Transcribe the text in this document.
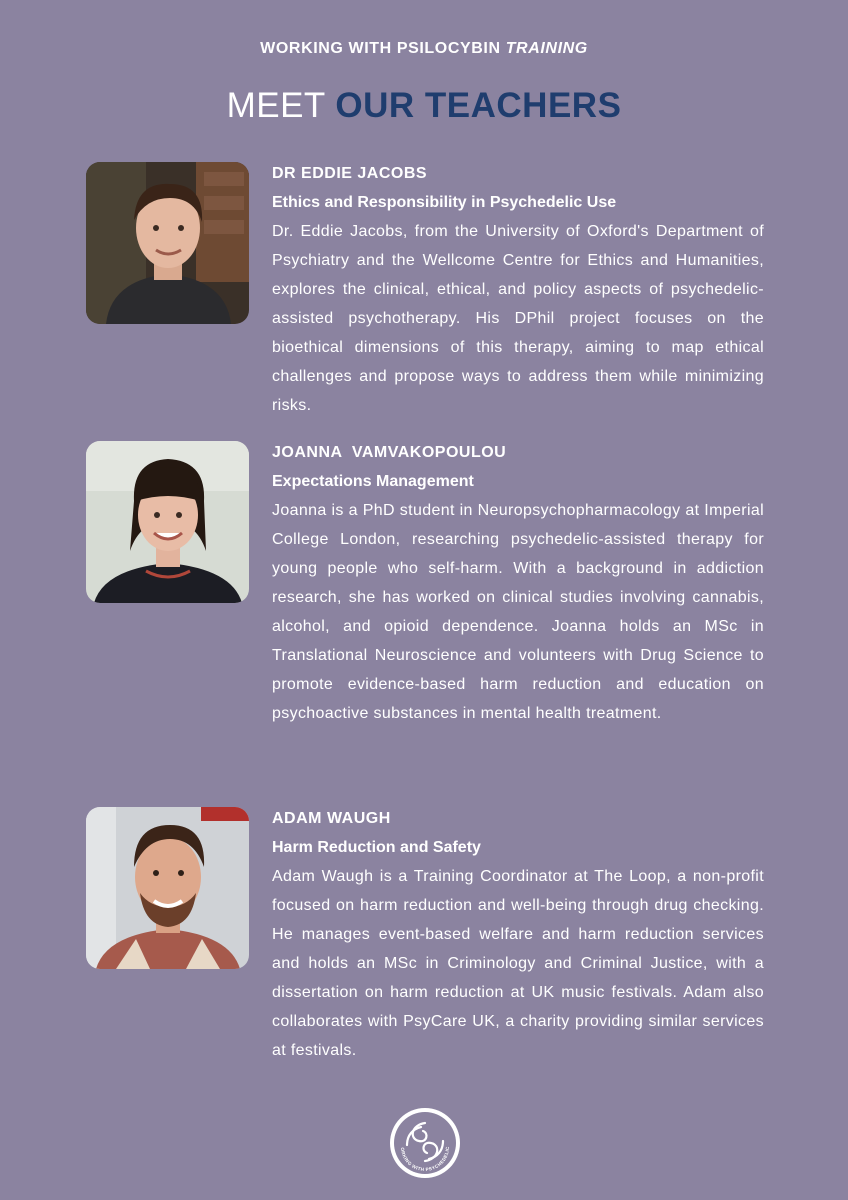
WORKING WITH PSILOCYBIN TRAINING
MEET OUR TEACHERS

DR EDDIE JACOBS

Ethics and Responsibility in Psychedelic Use

Dr. Eddie Jacobs, from the University of Oxford's Department of Psychiatry and the Wellcome Centre for Ethics and Humanities, explores the clinical, ethical, and policy aspects of psychedelic-assisted psychotherapy. His DPhil project focuses on the bioethical dimensions of this therapy, aiming to map ethical challenges and propose ways to address them while minimizing risks.

JOANNA  VAMVAKOPOULOU

Expectations Management

Joanna is a PhD student in Neuropsychopharmacology at Imperial College London, researching psychedelic-assisted therapy for young people who self-harm. With a background in addiction research, she has worked on clinical studies involving cannabis, alcohol, and opioid dependence. Joanna holds an MSc in Translational Neuroscience and volunteers with Drug Science to promote evidence-based harm reduction and education on psychoactive substances in mental health treatment.

ADAM WAUGH

Harm Reduction and Safety

Adam Waugh is a Training Coordinator at The Loop, a non-profit focused on harm reduction and well-being through drug checking. He manages event-based welfare and harm reduction services and holds an MSc in Criminology and Criminal Justice, with a dissertation on harm reduction at UK music festivals. Adam also collaborates with PsyCare UK, a charity providing similar services at festivals.

ORKING WITH PSYCHEDELIC
